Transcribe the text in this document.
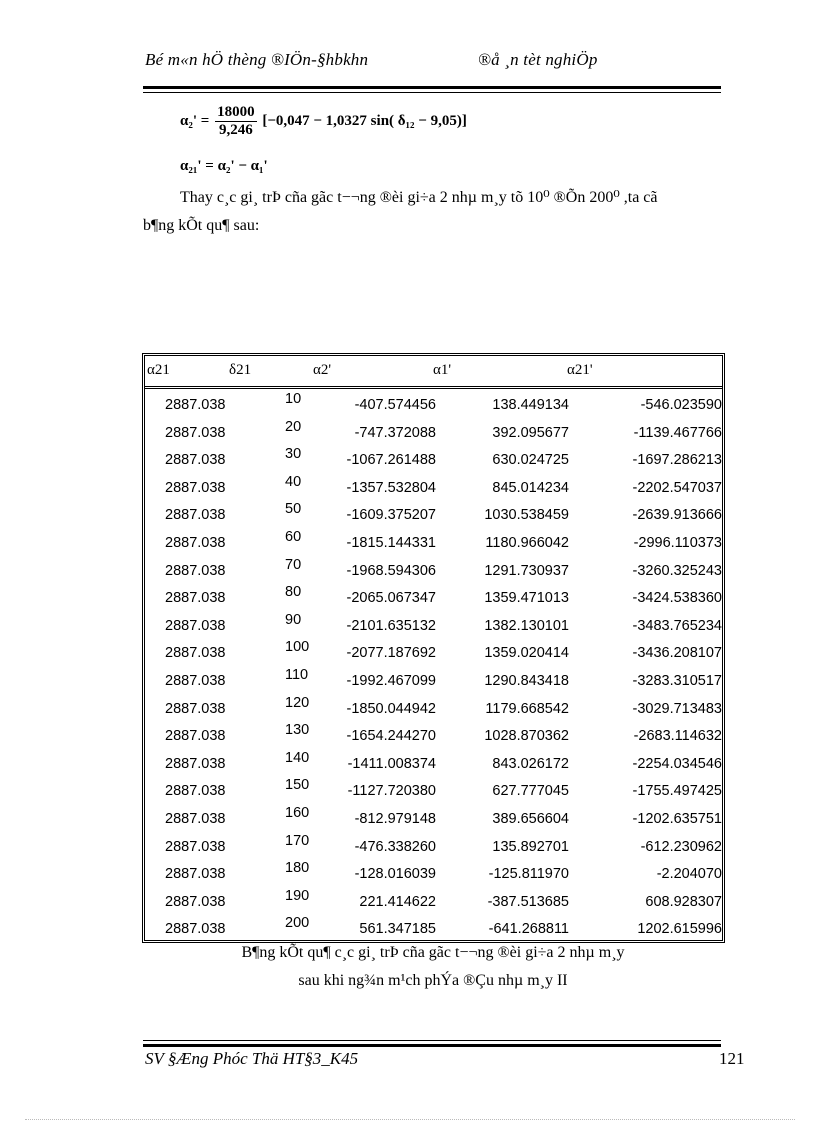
Bé m«n hÖ thèng ®IÖn-§hbkhn	®å ¸n tèt nghiÖp
$\alpha_2' = \frac{18000}{9,246} [-0,047 - 1,0327$ sin( δ₁₂ − 9,05)]
α₂₁' = α₂' − α₁'
Thay c¸c gi¸ trÞ cña gãc t−¬ng ®èi gi÷a 2 nhµ m¸y tõ 10⁰ ®Õn 200⁰ ,ta cã
b¶ng kÕt qu¶ sau:
α21	δ21	α2'	α1'	α21'
2887.038	10	-407.574456	138.449134	-546.023590
2887.038	20	-747.372088	392.095677	-1139.467766
2887.038	30	-1067.261488	630.024725	-1697.286213
2887.038	40	-1357.532804	845.014234	-2202.547037
2887.038	50	-1609.375207	1030.538459	-2639.913666
2887.038	60	-1815.144331	1180.966042	-2996.110373
2887.038	70	-1968.594306	1291.730937	-3260.325243
2887.038	80	-2065.067347	1359.471013	-3424.538360
2887.038	90	-2101.635132	1382.130101	-3483.765234
2887.038	100	-2077.187692	1359.020414	-3436.208107
2887.038	110	-1992.467099	1290.843418	-3283.310517
2887.038	120	-1850.044942	1179.668542	-3029.713483
2887.038	130	-1654.244270	1028.870362	-2683.114632
2887.038	140	-1411.008374	843.026172	-2254.034546
2887.038	150	-1127.720380	627.777045	-1755.497425
2887.038	160	-812.979148	389.656604	-1202.635751
2887.038	170	-476.338260	135.892701	-612.230962
2887.038	180	-128.016039	-125.811970	-2.204070
2887.038	190	221.414622	-387.513685	608.928307
2887.038	200	561.347185	-641.268811	1202.615996
B¶ng kÕt qu¶ c¸c gi¸ trÞ cña gãc t−¬ng ®èi gi÷a 2 nhµ m¸y
sau khi ng¾n m¹ch phÝa ®Çu nhµ m¸y II
SV §Æng Phóc Thä HT§3_K45	121
